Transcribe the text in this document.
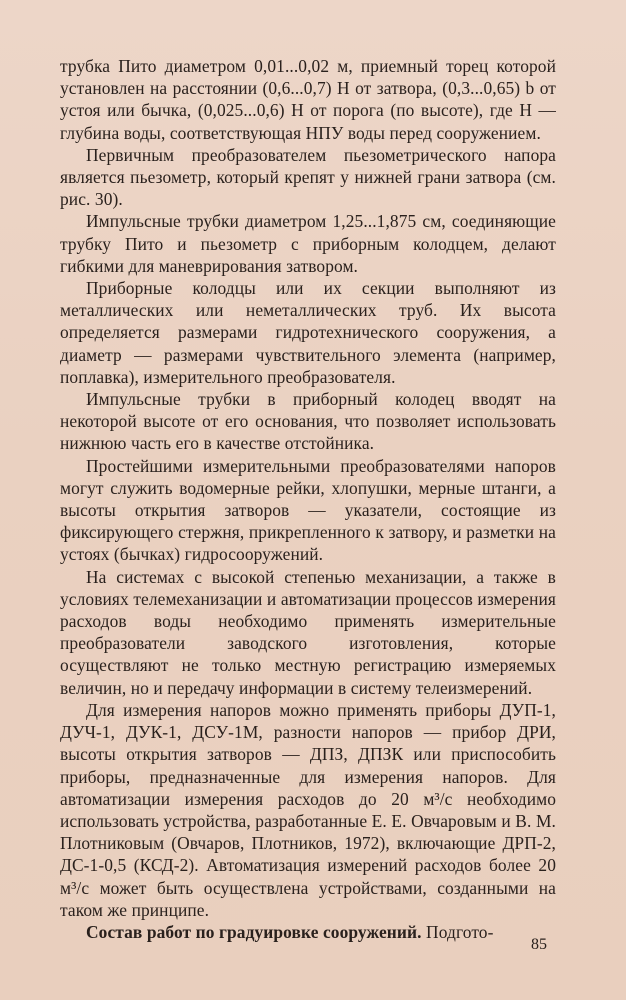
трубка Пито диаметром 0,01...0,02 м, приемный торец которой установлен на расстоянии (0,6...0,7) H от затвора, (0,3...0,65) b от устоя или бычка, (0,025...0,6) H от порога (по высоте), где H — глубина воды, соответствующая НПУ воды перед сооружением.

Первичным преобразователем пьезометрического напора является пьезометр, который крепят у нижней грани затвора (см. рис. 30).

Импульсные трубки диаметром 1,25...1,875 см, соединяющие трубку Пито и пьезометр с приборным колодцем, делают гибкими для маневрирования затвором.

Приборные колодцы или их секции выполняют из металлических или неметаллических труб. Их высота определяется размерами гидротехнического сооружения, а диаметр — размерами чувствительного элемента (например, поплавка), измерительного преобразователя.

Импульсные трубки в приборный колодец вводят на некоторой высоте от его основания, что позволяет использовать нижнюю часть его в качестве отстойника.

Простейшими измерительными преобразователями напоров могут служить водомерные рейки, хлопушки, мерные штанги, а высоты открытия затворов — указатели, состоящие из фиксирующего стержня, прикрепленного к затвору, и разметки на устоях (бычках) гидросооружений.

На системах с высокой степенью механизации, а также в условиях телемеханизации и автоматизации процессов измерения расходов воды необходимо применять измерительные преобразователи заводского изготовления, которые осуществляют не только местную регистрацию измеряемых величин, но и передачу информации в систему телеизмерений.

Для измерения напоров можно применять приборы ДУП-1, ДУЧ-1, ДУК-1, ДСУ-1М, разности напоров — прибор ДРИ, высоты открытия затворов — ДПЗ, ДПЗК или приспособить приборы, предназначенные для измерения напоров. Для автоматизации измерения расходов до 20 м³/с необходимо использовать устройства, разработанные Е. Е. Овчаровым и В. М. Плотниковым (Овчаров, Плотников, 1972), включающие ДРП-2, ДС-1-0,5 (КСД-2). Автоматизация измерений расходов более 20 м³/с может быть осуществлена устройствами, созданными на таком же принципе.

Состав работ по градуировке сооружений. Подгото-

85
